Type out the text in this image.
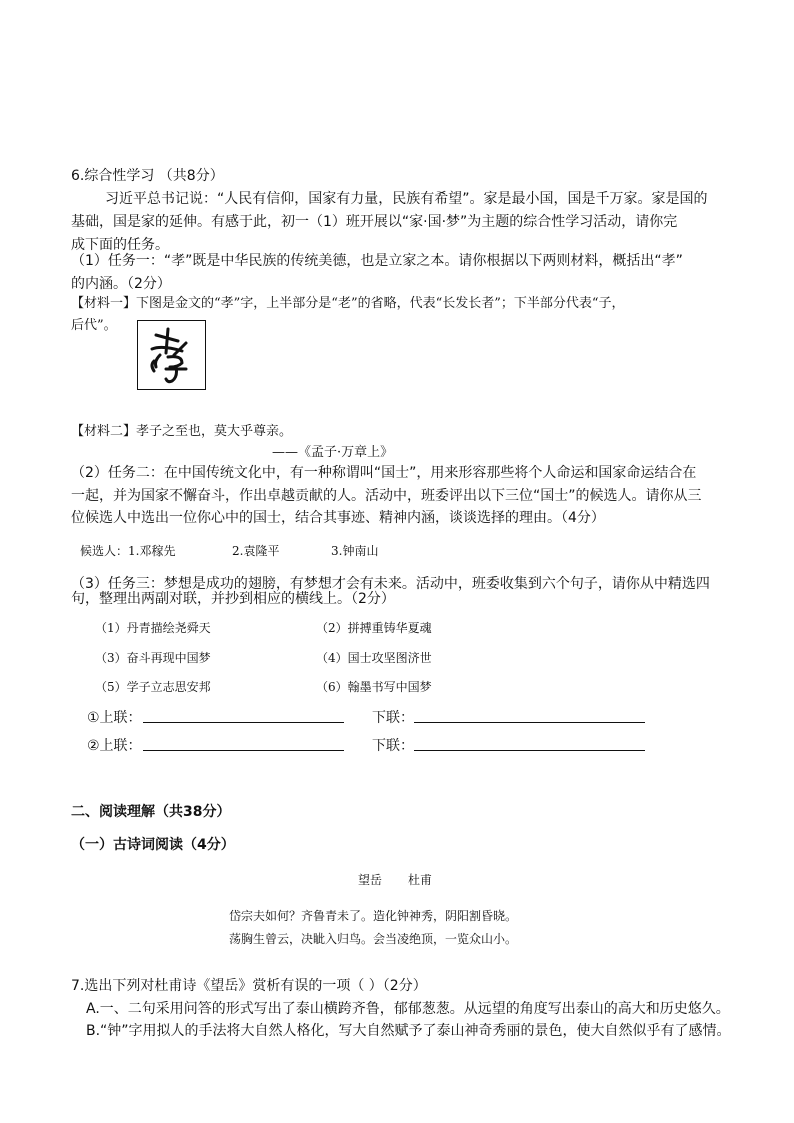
6.综合性学习 （共8分）
习近平总书记说：“人民有信仰，国家有力量，民族有希望”。家是最小国，国是千万家。家是国的
基础，国是家的延伸。有感于此，初一（1）班开展以“家·国·梦”为主题的综合性学习活动，请你完
成下面的任务。
（1）任务一：“孝”既是中华民族的传统美德，也是立家之本。请你根据以下两则材料，概括出“孝”
的内涵。（2分）
【材料一】下图是金文的“孝”字，上半部分是“老”的省略，代表“长发长者”；下半部分代表“子，
后代”。
【材料二】孝子之至也，莫大乎尊亲。
——《孟子·万章上》
（2）任务二：在中国传统文化中，有一种称谓叫“国士”，用来形容那些将个人命运和国家命运结合在
一起，并为国家不懈奋斗，作出卓越贡献的人。活动中，班委评出以下三位“国士”的候选人。请你从三
位候选人中选出一位你心中的国士，结合其事迹、精神内涵，谈谈选择的理由。（4分）
候选人：1.邓稼先	2.袁隆平	3.钟南山
（3）任务三：梦想是成功的翅膀，有梦想才会有未来。活动中，班委收集到六个句子，请你从中精选四
句，整理出两副对联，并抄到相应的横线上。（2分）
（1）丹青描绘尧舜天	（2）拼搏重铸华夏魂
（3）奋斗再现中国梦	（4）国士攻坚图济世
（5）学子立志思安邦	（6）翰墨书写中国梦
①上联：	下联：
②上联：	下联：
二、阅读理解（共38分）
（一）古诗词阅读（4分）
望岳 杜甫
岱宗夫如何？齐鲁青未了。造化钟神秀，阴阳割昏晓。
荡胸生曾云，决眦入归鸟。会当凌绝顶，一览众山小。
7.选出下列对杜甫诗《望岳》赏析有误的一项（ ）（2分）
A.一、二句采用问答的形式写出了泰山横跨齐鲁，郁郁葱葱。从远望的角度写出泰山的高大和历史悠久。
B.“钟”字用拟人的手法将大自然人格化，写大自然赋予了泰山神奇秀丽的景色，使大自然似乎有了感情。
